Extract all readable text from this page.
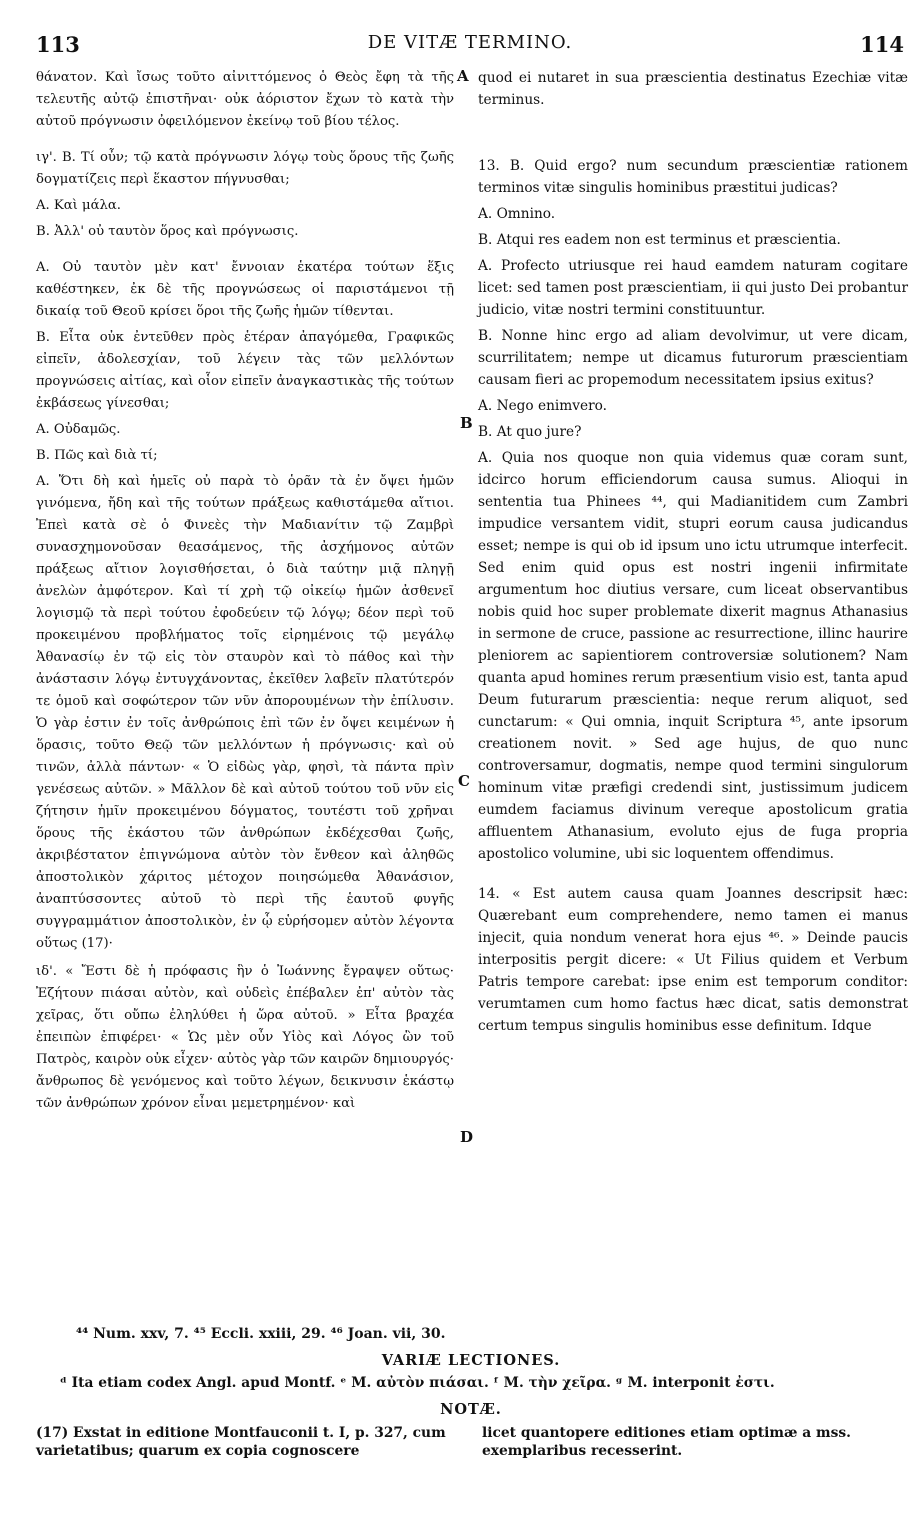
113	DE VITÆ TERMINO.	114

θάνατον. Καὶ ἴσως τοῦτο αἰνιττόμενος ὁ Θεὸς ἔφη τὰ τῆς τελευτῆς αὐτῷ ἐπιστῆναι· οὐκ ἀόριστον ἔχων τὸ κατὰ τὴν αὐτοῦ πρόγνωσιν ὀφειλόμενον ἐκείνῳ τοῦ βίου τέλος.

ιγ'. Β. Τί οὖν; τῷ κατὰ πρόγνωσιν λόγῳ τοὺς ὅρους τῆς ζωῆς δογματίζεις περὶ ἕκαστον πήγνυσθαι;

Α. Καὶ μάλα.

Β. Ἀλλ' οὐ ταυτὸν ὅρος καὶ πρόγνωσις.

Α. Οὐ ταυτὸν μὲν κατ' ἔννοιαν ἑκατέρα τούτων ἕξις καθέστηκεν, ἐκ δὲ τῆς προγνώσεως οἱ παριστάμενοι τῇ δικαίᾳ τοῦ Θεοῦ κρίσει ὅροι τῆς ζωῆς ἡμῶν τίθενται.

Β. Εἶτα οὐκ ἐντεῦθεν πρὸς ἑτέραν ἀπαγόμεθα, Γραφικῶς εἰπεῖν, ἀδολεσχίαν, τοῦ λέγειν τὰς τῶν μελλόντων προγνώσεις αἰτίας, καὶ οἷον εἰπεῖν ἀναγκαστικὰς τῆς τούτων ἐκβάσεως γίνεσθαι;

Α. Οὐδαμῶς.

Β. Πῶς καὶ διὰ τί;

Α. Ὅτι δὴ καὶ ἡμεῖς οὐ παρὰ τὸ ὁρᾶν τὰ ἐν ὄψει ἡμῶν γινόμενα, ἤδη καὶ τῆς τούτων πράξεως καθιστάμεθα αἴτιοι. Ἐπεὶ κατὰ σὲ ὁ Φινεὲς τὴν Μαδιανίτιν τῷ Ζαμβρὶ συνασχημονοῦσαν θεασάμενος, τῆς ἀσχήμονος αὐτῶν πράξεως αἴτιον λογισθήσεται, ὁ διὰ ταύτην μιᾷ πληγῇ ἀνελὼν ἀμφότερον. Καὶ τί χρὴ τῷ οἰκείῳ ἡμῶν ἀσθενεῖ λογισμῷ τὰ περὶ τούτου ἐφοδεύειν τῷ λόγῳ; δέον περὶ τοῦ προκειμένου προβλήματος τοῖς εἰρημένοις τῷ μεγάλῳ Ἀθανασίῳ ἐν τῷ εἰς τὸν σταυρὸν καὶ τὸ πάθος καὶ τὴν ἀνάστασιν λόγῳ ἐντυγχάνοντας, ἐκεῖθεν λαβεῖν πλατύτερόν τε ὁμοῦ καὶ σοφώτερον τῶν νῦν ἀπορουμένων τὴν ἐπίλυσιν. Ὁ γὰρ ἐστιν ἐν τοῖς ἀνθρώποις ἐπὶ τῶν ἐν ὄψει κειμένων ἡ ὅρασις, τοῦτο Θεῷ τῶν μελλόντων ἡ πρόγνωσις· καὶ οὐ τινῶν, ἀλλὰ πάντων· « Ὁ εἰδὼς γὰρ, φησὶ, τὰ πάντα πρὶν γενέσεως αὐτῶν. » Μᾶλλον δὲ καὶ αὐτοῦ τούτου τοῦ νῦν εἰς ζήτησιν ἡμῖν προκειμένου δόγματος, τουτέστι τοῦ χρῆναι ὅρους τῆς ἑκάστου τῶν ἀνθρώπων ἐκδέχεσθαι ζωῆς, ἀκριβέστατον ἐπιγνώμονα αὐτὸν τὸν ἔνθεον καὶ ἀληθῶς ἀποστολικὸν χάριτος μέτοχον ποιησώμεθα Ἀθανάσιον, ἀναπτύσσοντες αὐτοῦ τὸ περὶ τῆς ἑαυτοῦ φυγῆς συγγραμμάτιον ἀποστολικὸν, ἐν ᾧ εὑρήσομεν αὐτὸν λέγοντα οὕτως (17)·

ιδ'. « Ἔστι δὲ ἡ πρόφασις ἣν ὁ Ἰωάννης ἔγραψεν οὕτως· Ἐζήτουν πιάσαι αὐτὸν, καὶ οὐδεὶς ἐπέβαλεν ἐπ' αὐτὸν τὰς χεῖρας, ὅτι οὔπω ἐληλύθει ἡ ὥρα αὐτοῦ. » Εἶτα βραχέα ἐπειπὼν ἐπιφέρει· « Ὡς μὲν οὖν Υἱὸς καὶ Λόγος ὢν τοῦ Πατρὸς, καιρὸν οὐκ εἶχεν· αὐτὸς γὰρ τῶν καιρῶν δημιουργός· ἄνθρωπος δὲ γενόμενος καὶ τοῦτο λέγων, δεικνυσιν ἑκάστῳ τῶν ἀνθρώπων χρόνον εἶναι μεμετρημένον· καὶ

A
B
C
D

quod ei nutaret in sua præscientia destinatus Ezechiæ vitæ terminus.

13. B. Quid ergo? num secundum præscientiæ rationem terminos vitæ singulis hominibus præstitui judicas?

A. Omnino.

B. Atqui res eadem non est terminus et præscientia.

A. Profecto utriusque rei haud eamdem naturam cogitare licet: sed tamen post præscientiam, ii qui justo Dei probantur judicio, vitæ nostri termini constituuntur.

B. Nonne hinc ergo ad aliam devolvimur, ut vere dicam, scurrilitatem; nempe ut dicamus futurorum præscientiam causam fieri ac propemodum necessitatem ipsius exitus?

A. Nego enimvero.

B. At quo jure?

A. Quia nos quoque non quia videmus quæ coram sunt, idcirco horum efficiendorum causa sumus. Alioqui in sententia tua Phinees ⁴⁴, qui Madianitidem cum Zambri impudice versantem vidit, stupri eorum causa judicandus esset; nempe is qui ob id ipsum uno ictu utrumque interfecit. Sed enim quid opus est nostri ingenii infirmitate argumentum hoc diutius versare, cum liceat observantibus nobis quid hoc super problemate dixerit magnus Athanasius in sermone de cruce, passione ac resurrectione, illinc haurire pleniorem ac sapientiorem controversiæ solutionem? Nam quanta apud homines rerum præsentium visio est, tanta apud Deum futurarum præscientia: neque rerum aliquot, sed cunctarum: « Qui omnia, inquit Scriptura ⁴⁵, ante ipsorum creationem novit. » Sed age hujus, de quo nunc controversamur, dogmatis, nempe quod termini singulorum hominum vitæ præfigi credendi sint, justissimum judicem eumdem faciamus divinum vereque apostolicum gratia affluentem Athanasium, evoluto ejus de fuga propria apostolico volumine, ubi sic loquentem offendimus.

14. « Est autem causa quam Joannes descripsit hæc: Quærebant eum comprehendere, nemo tamen ei manus injecit, quia nondum venerat hora ejus ⁴⁶. » Deinde paucis interpositis pergit dicere: « Ut Filius quidem et Verbum Patris tempore carebat: ipse enim est temporum conditor: verumtamen cum homo factus hæc dicat, satis demonstrat certum tempus singulis hominibus esse definitum. Idque

⁴⁴ Num. xxv, 7. ⁴⁵ Eccli. xxiii, 29. ⁴⁶ Joan. vii, 30.

VARIÆ LECTIONES.

ᵈ Ita etiam codex Angl. apud Montf. ᵉ M. αὐτὸν πιάσαι. ᶠ M. τὴν χεῖρα. ᵍ M. interponit ἐστι.

NOTÆ.
(17) Exstat in editione Montfauconii t. I, p. 327, cum varietatibus; quarum ex copia cognoscere
licet quantopere editiones etiam optimæ a mss. exemplaribus recesserint.
